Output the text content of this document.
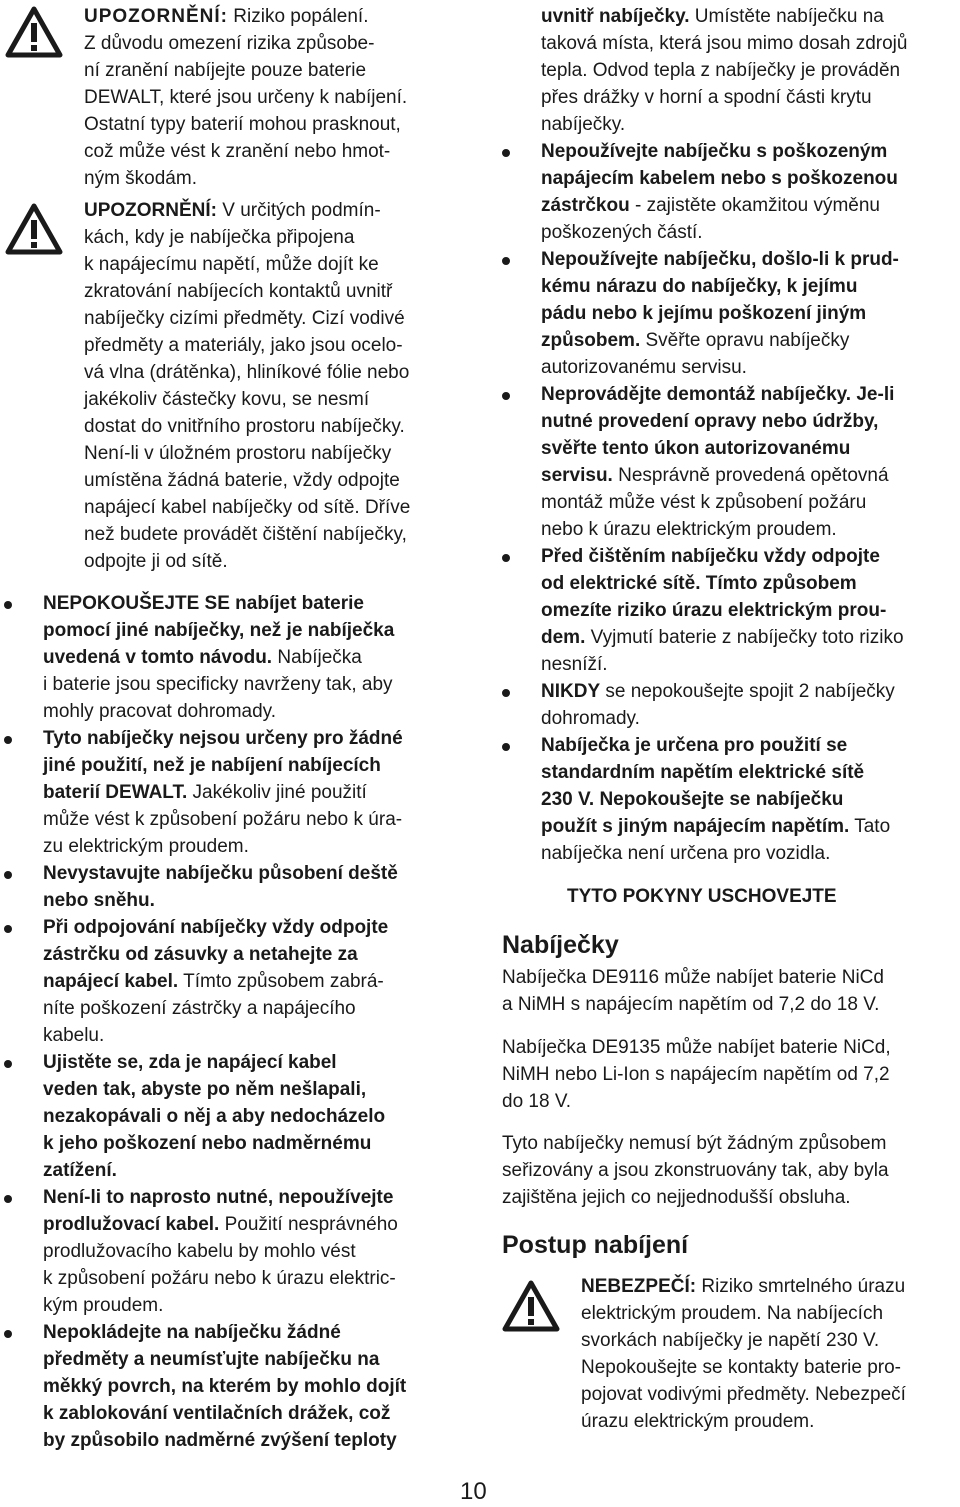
UPOZORNĚNÍ: Riziko popálení.
Z důvodu omezení rizika způsobe-
ní zranění nabíjejte pouze baterie
DEWALT, které jsou určeny k nabíjení.
Ostatní typy baterií mohou prasknout,
což může vést k zranění nebo hmot-
ným škodám.
UPOZORNĚNÍ: V určitých podmín-
kách, kdy je nabíječka připojena
k napájecímu napětí, může dojít ke
zkratování nabíjecích kontaktů uvnitř
nabíječky cizími předměty. Cizí vodivé
předměty a materiály, jako jsou ocelo-
vá vlna (drátěnka), hliníkové fólie nebo
jakékoliv částečky kovu, se nesmí
dostat do vnitřního prostoru nabíječky.
Není-li v úložném prostoru nabíječky
umístěna žádná baterie, vždy odpojte
napájecí kabel nabíječky od sítě. Dříve
než budete provádět čištění nabíječky,
odpojte ji od sítě.
NEPOKOUŠEJTE SE nabíjet baterie
pomocí jiné nabíječky, než je nabíječka
uvedená v tomto návodu. Nabíječka
i baterie jsou specificky navrženy tak, aby
mohly pracovat dohromady.
Tyto nabíječky nejsou určeny pro žádné
jiné použití, než je nabíjení nabíjecích
baterií DEWALT. Jakékoliv jiné použití
může vést k způsobení požáru nebo k úra-
zu elektrickým proudem.
Nevystavujte nabíječku působení deště
nebo sněhu.
Při odpojování nabíječky vždy odpojte
zástrčku od zásuvky a netahejte za
napájecí kabel. Tímto způsobem zabrá-
níte poškození zástrčky a napájecího
kabelu.
Ujistěte se, zda je napájecí kabel
veden tak, abyste po něm nešlapali,
nezakopávali o něj a aby nedocházelo
k jeho poškození nebo nadměrnému
zatížení.
Není-li to naprosto nutné, nepoužívejte
prodlužovací kabel. Použití nesprávného
prodlužovacího kabelu by mohlo vést
k způsobení požáru nebo k úrazu elektric-
kým proudem.
Nepokládejte na nabíječku žádné
předměty a neumísťujte nabíječku na
měkký povrch, na kterém by mohlo dojít
k zablokování ventilačních drážek, což
by způsobilo nadměrné zvýšení teploty
uvnitř nabíječky. Umístěte nabíječku na
taková místa, která jsou mimo dosah zdrojů
tepla. Odvod tepla z nabíječky je prováděn
přes drážky v horní a spodní části krytu
nabíječky.
Nepoužívejte nabíječku s poškozeným
napájecím kabelem nebo s poškozenou
zástrčkou - zajistěte okamžitou výměnu
poškozených částí.
Nepoužívejte nabíječku, došlo-li k prud-
kému nárazu do nabíječky, k jejímu
pádu nebo k jejímu poškození jiným
způsobem. Svěřte opravu nabíječky
autorizovanému servisu.
Neprovádějte demontáž nabíječky. Je-li
nutné provedení opravy nebo údržby,
svěřte tento úkon autorizovanému
servisu. Nesprávně provedená opětovná
montáž může vést k způsobení požáru
nebo k úrazu elektrickým proudem.
Před čištěním nabíječku vždy odpojte
od elektrické sítě. Tímto způsobem
omezíte riziko úrazu elektrickým prou-
dem. Vyjmutí baterie z nabíječky toto riziko
nesníží.
NIKDY se nepokoušejte spojit 2 nabíječky
dohromady.
Nabíječka je určena pro použití se
standardním napětím elektrické sítě
230 V. Nepokoušejte se nabíječku
použít s jiným napájecím napětím. Tato
nabíječka není určena pro vozidla.
TYTO POKYNY USCHOVEJTE
Nabíječky
Nabíječka DE9116 může nabíjet baterie NiCd
a NiMH s napájecím napětím od 7,2 do 18 V.
Nabíječka DE9135 může nabíjet baterie NiCd,
NiMH nebo Li-Ion s napájecím napětím od 7,2
do 18 V.
Tyto nabíječky nemusí být žádným způsobem
seřizovány a jsou zkonstruovány tak, aby byla
zajištěna jejich co nejjednodušší obsluha.
Postup nabíjení
NEBEZPEČÍ: Riziko smrtelného úrazu
elektrickým proudem. Na nabíjecích
svorkách nabíječky je napětí 230 V.
Nepokoušejte se kontakty baterie pro-
pojovat vodivými předměty. Nebezpečí
úrazu elektrickým proudem.
10
